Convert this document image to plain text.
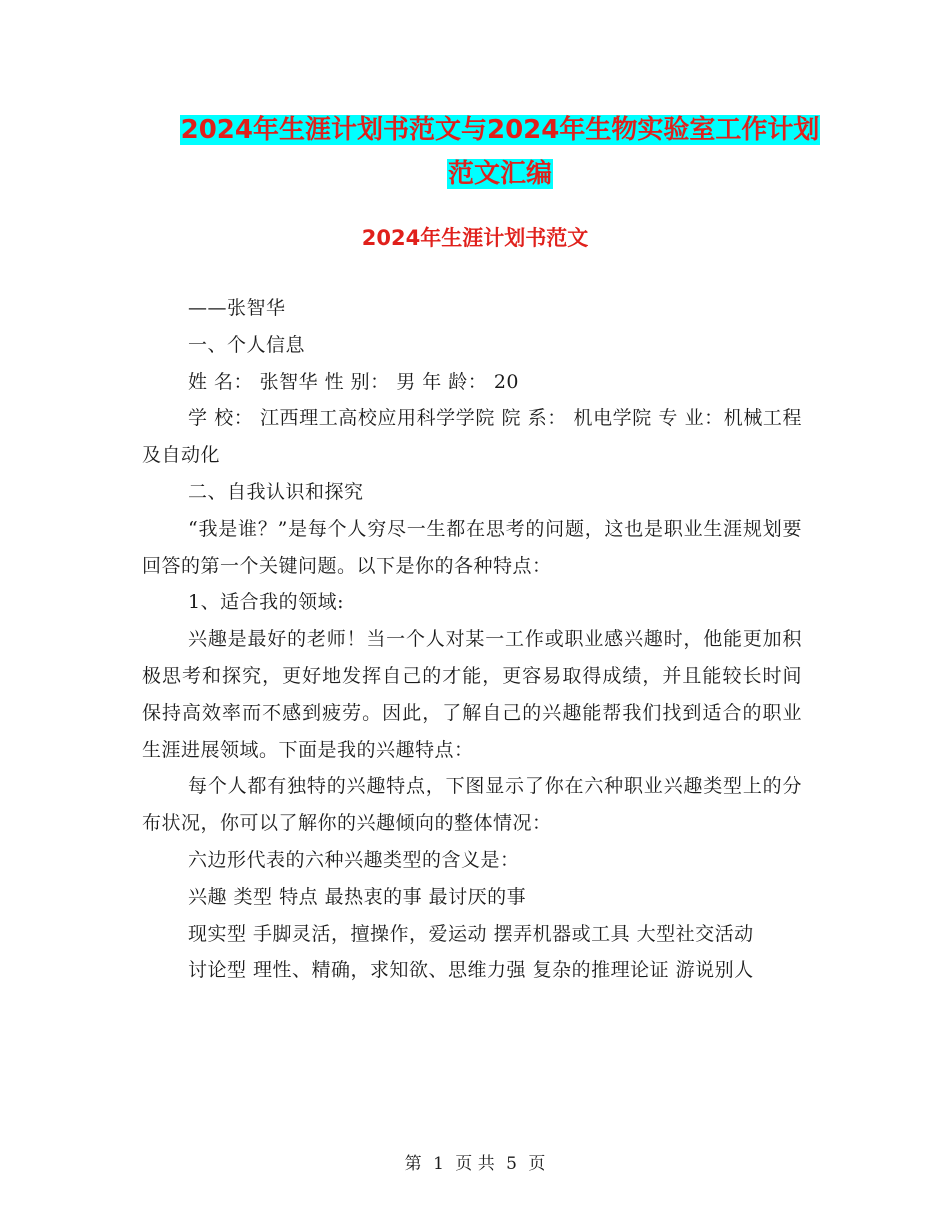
2024年生涯计划书范文与2024年生物实验室工作计划
范文汇编
2024年生涯计划书范文

——张智华

一、个人信息

姓 名： 张智华 性 别： 男 年 龄： 20

学 校： 江西理工高校应用科学学院 院 系： 机电学院 专 业：机械工程及自动化

二、自我认识和探究

“我是谁？”是每个人穷尽一生都在思考的问题，这也是职业生涯规划要回答的第一个关键问题。以下是你的各种特点：

1、适合我的领域:

兴趣是最好的老师！当一个人对某一工作或职业感兴趣时，他能更加积极思考和探究，更好地发挥自己的才能，更容易取得成绩，并且能较长时间保持高效率而不感到疲劳。因此，了解自己的兴趣能帮我们找到适合的职业生涯进展领域。下面是我的兴趣特点：

每个人都有独特的兴趣特点，下图显示了你在六种职业兴趣类型上的分布状况，你可以了解你的兴趣倾向的整体情况：

六边形代表的六种兴趣类型的含义是：

兴趣 类型 特点 最热衷的事 最讨厌的事

现实型 手脚灵活，擅操作，爱运动 摆弄机器或工具 大型社交活动

讨论型 理性、精确，求知欲、思维力强 复杂的推理论证 游说别人

第 1 页 共 5 页
